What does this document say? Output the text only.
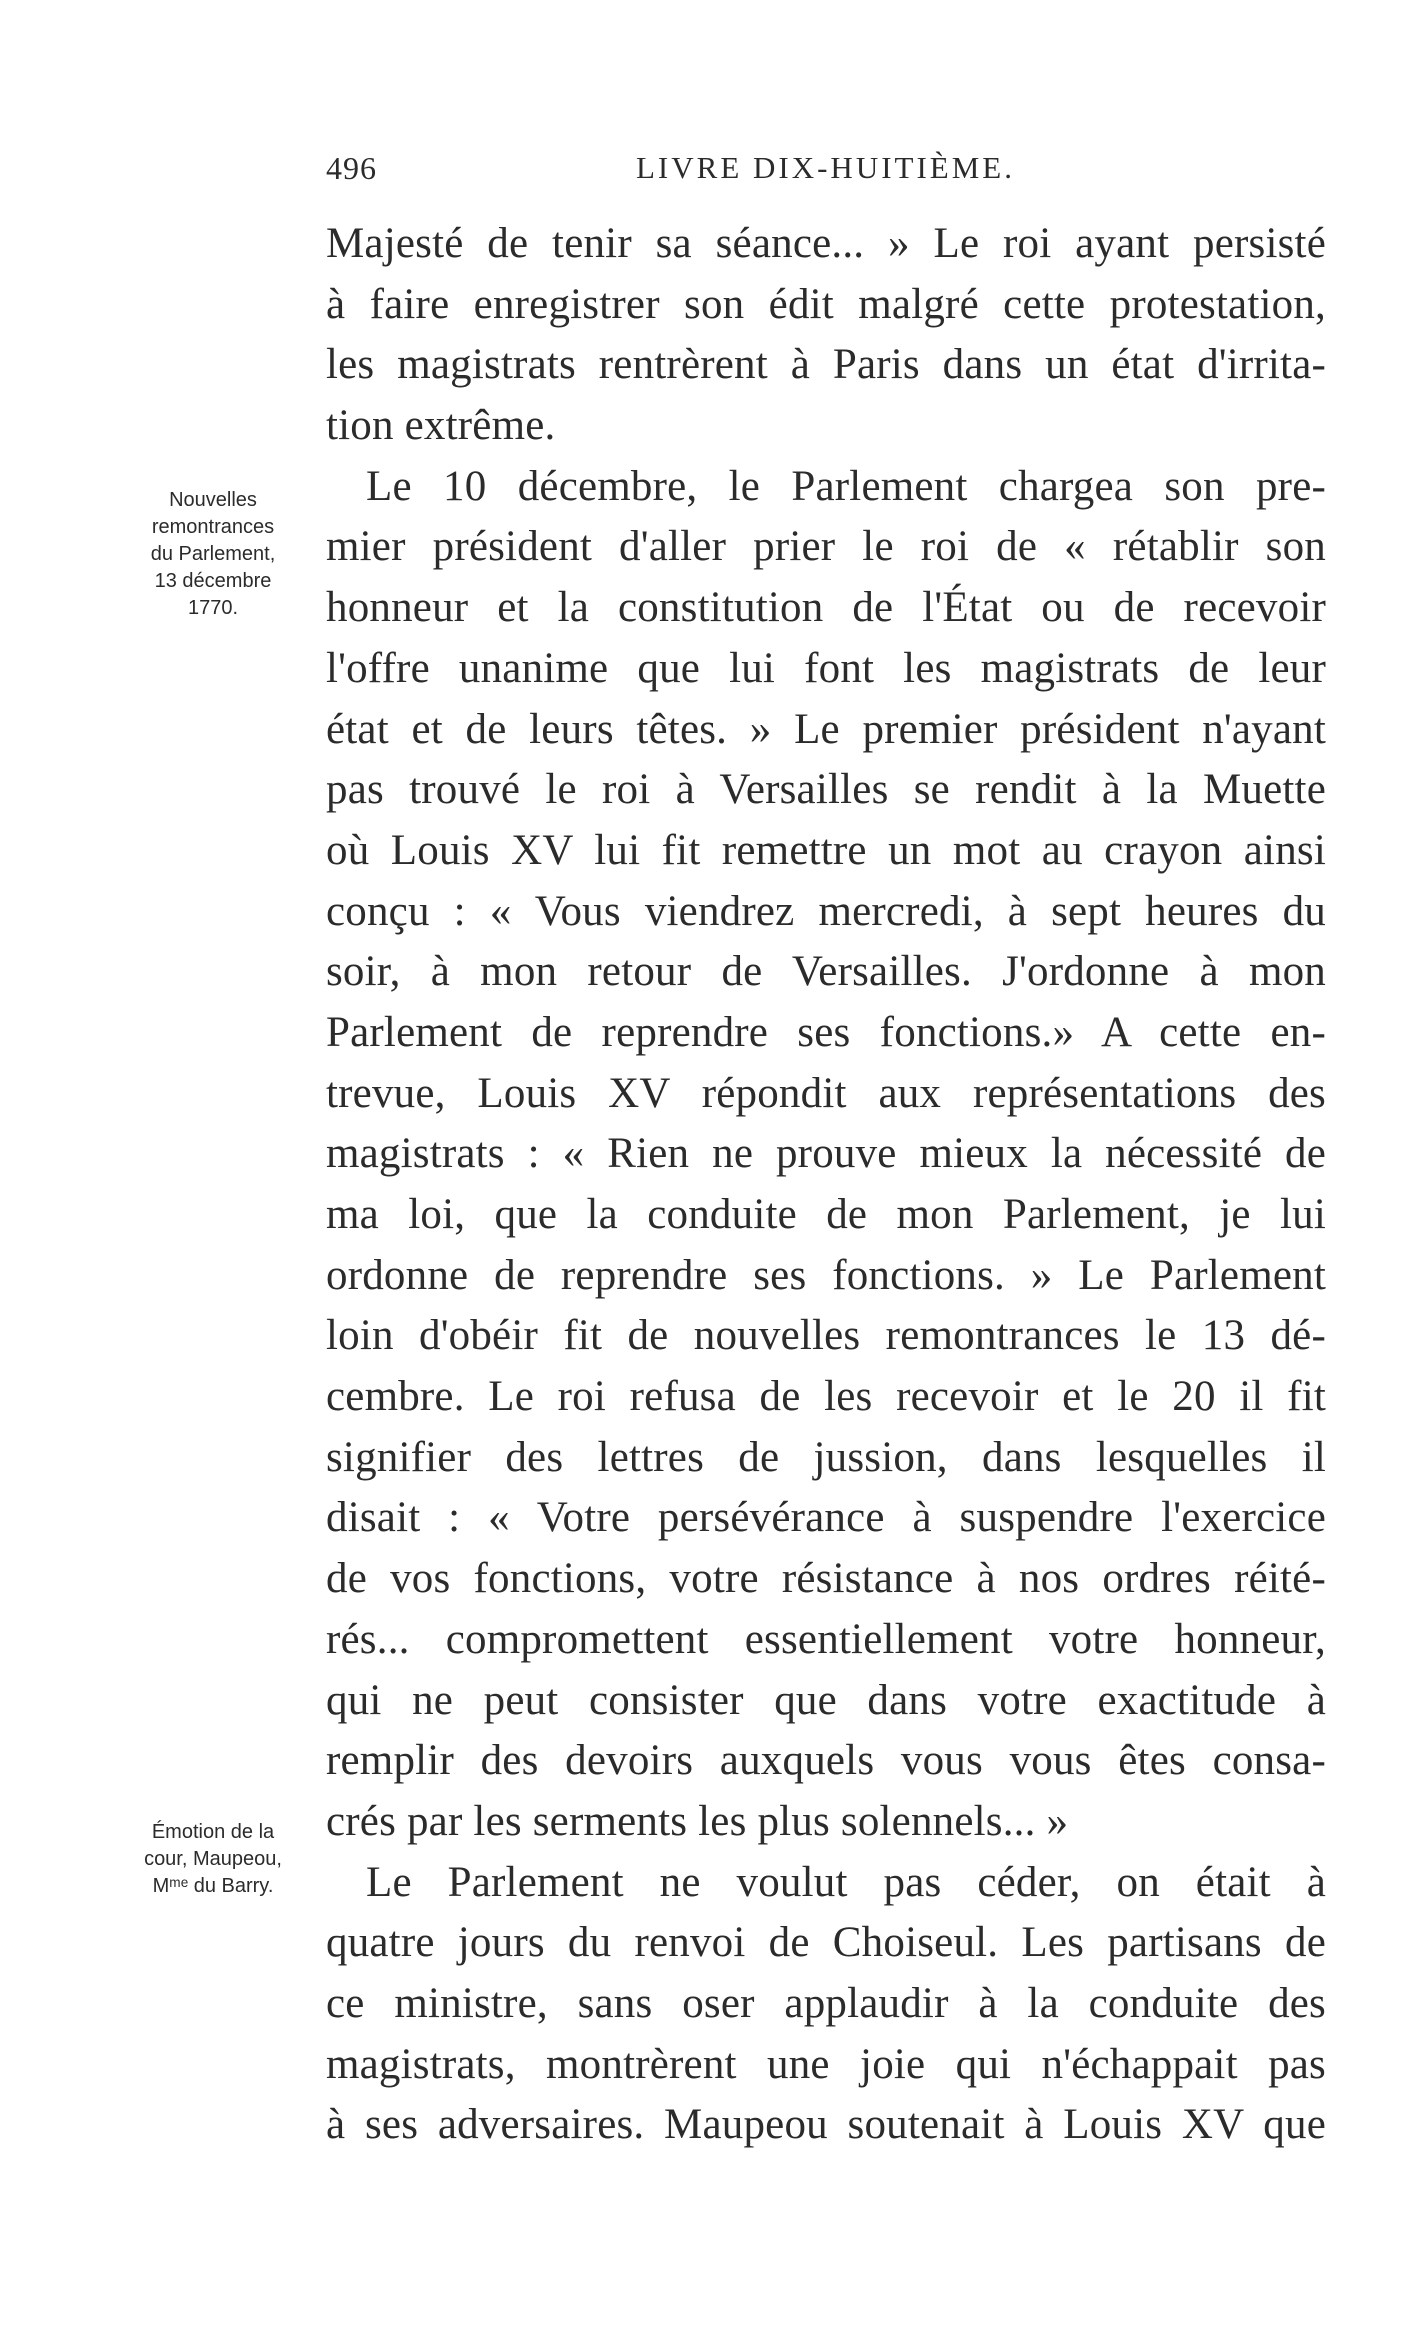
496	LIVRE DIX-HUITIÈME.
Nouvelles
remontrances
du Parlement,
13 décembre
1770.
Émotion de la
cour, Maupeou,
Mᵐᵉ du Barry.
Majesté de tenir sa séance... » Le roi ayant persisté
à faire enregistrer son édit malgré cette protestation,
les magistrats rentrèrent à Paris dans un état d'irrita-
tion extrême.
Le 10 décembre, le Parlement chargea son pre-
mier président d'aller prier le roi de « rétablir son
honneur et la constitution de l'État ou de recevoir
l'offre unanime que lui font les magistrats de leur
état et de leurs têtes. » Le premier président n'ayant
pas trouvé le roi à Versailles se rendit à la Muette
où Louis XV lui fit remettre un mot au crayon ainsi
conçu : « Vous viendrez mercredi, à sept heures du
soir, à mon retour de Versailles. J'ordonne à mon
Parlement de reprendre ses fonctions.» A cette en-
trevue, Louis XV répondit aux représentations des
magistrats : « Rien ne prouve mieux la nécessité de
ma loi, que la conduite de mon Parlement, je lui
ordonne de reprendre ses fonctions. » Le Parlement
loin d'obéir fit de nouvelles remontrances le 13 dé-
cembre. Le roi refusa de les recevoir et le 20 il fit
signifier des lettres de jussion, dans lesquelles il
disait : « Votre persévérance à suspendre l'exercice
de vos fonctions, votre résistance à nos ordres réité-
rés... compromettent essentiellement votre honneur,
qui ne peut consister que dans votre exactitude à
remplir des devoirs auxquels vous vous êtes consa-
crés par les serments les plus solennels... »
Le Parlement ne voulut pas céder, on était à
quatre jours du renvoi de Choiseul. Les partisans de
ce ministre, sans oser applaudir à la conduite des
magistrats, montrèrent une joie qui n'échappait pas
à ses adversaires. Maupeou soutenait à Louis XV que
